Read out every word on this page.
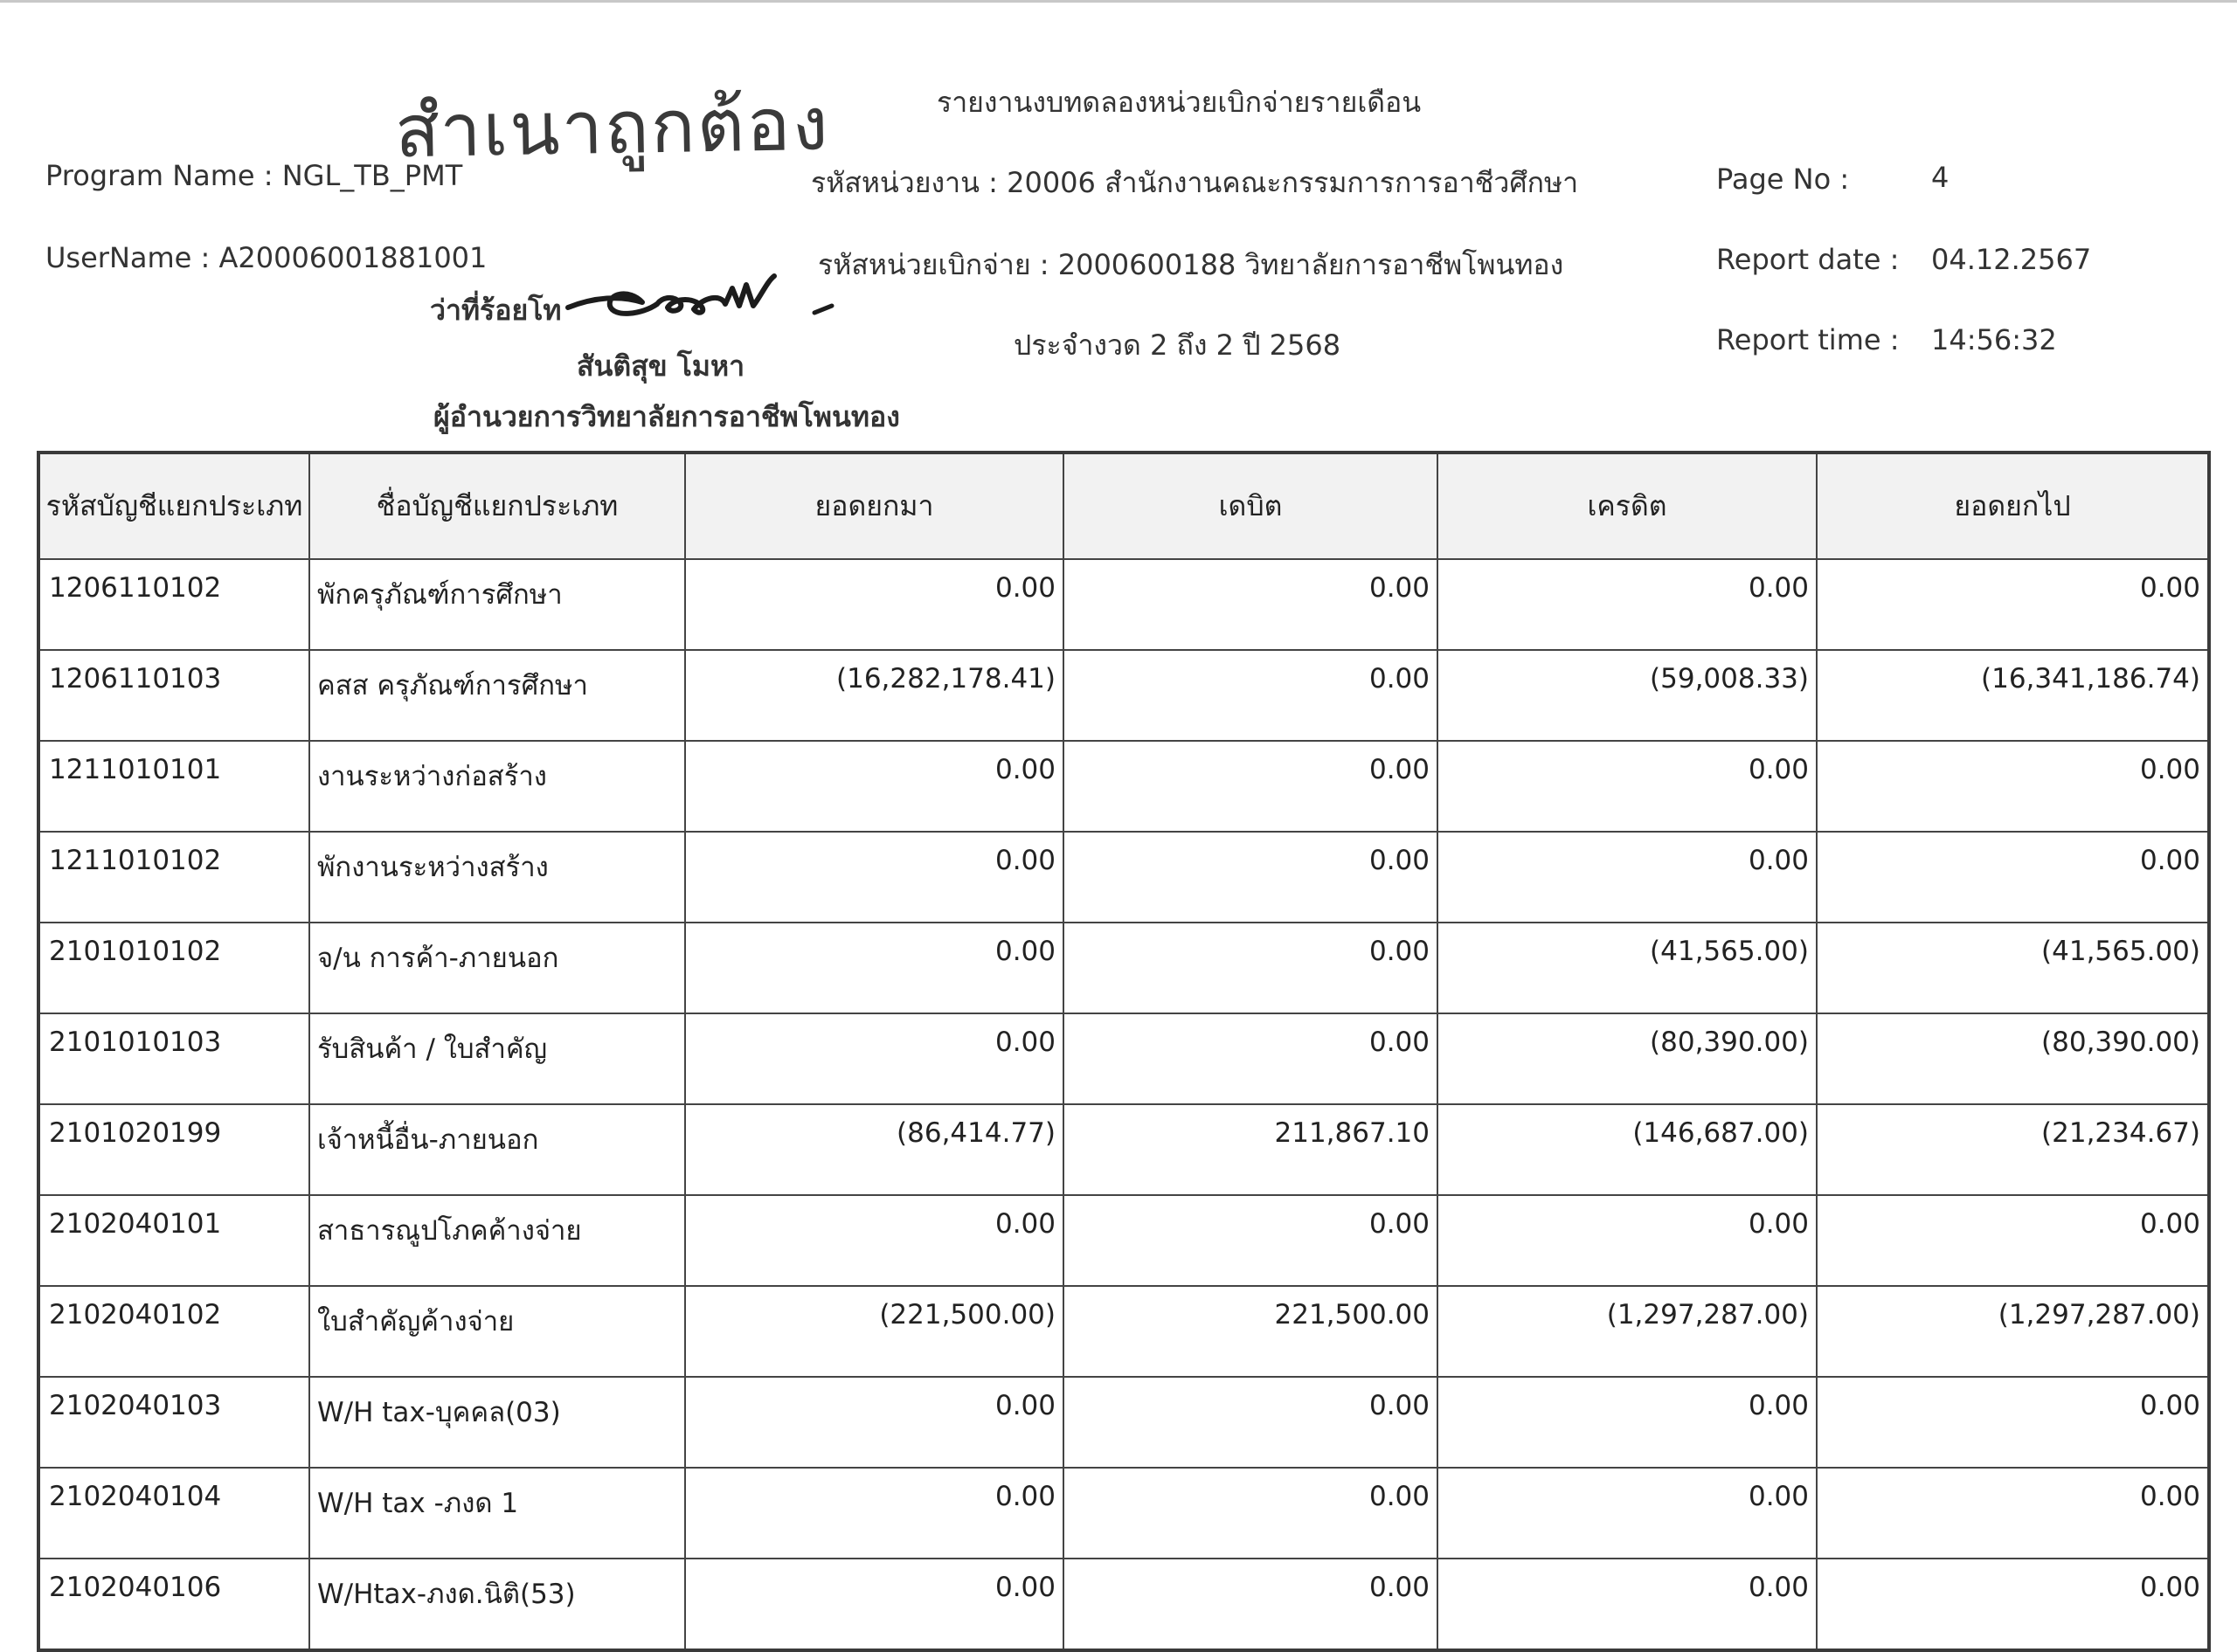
สำเนาถูกต้อง	รายงานงบทดลองหน่วยเบิกจ่ายรายเดือน
Program Name : NGL_TB_PMT
UserName : A20006001881001
รหัสหน่วยงาน : 20006 สำนักงานคณะกรรมการการอาชีวศึกษา
รหัสหน่วยเบิกจ่าย : 2000600188 วิทยาลัยการอาชีพโพนทอง
ประจำงวด 2 ถึง 2 ปี 2568
Page No :	4
Report date : 04.12.2567
Report time : 14:56:32
ว่าที่ร้อยโท
สันติสุข โมหา
ผู้อำนวยการวิทยาลัยการอาชีพโพนทอง
รหัสบัญชีแยกประเภท	ชื่อบัญชีแยกประเภท	ยอดยกมา	เดบิต	เครดิต	ยอดยกไป
1206110102	พักครุภัณฑ์การศึกษา	0.00	0.00	0.00	0.00
1206110103	คสส ครุภัณฑ์การศึกษา	(16,282,178.41)	0.00	(59,008.33)	(16,341,186.74)
1211010101	งานระหว่างก่อสร้าง	0.00	0.00	0.00	0.00
1211010102	พักงานระหว่างสร้าง	0.00	0.00	0.00	0.00
2101010102	จ/น การค้า-ภายนอก	0.00	0.00	(41,565.00)	(41,565.00)
2101010103	รับสินค้า / ใบสำคัญ	0.00	0.00	(80,390.00)	(80,390.00)
2101020199	เจ้าหนี้อื่น-ภายนอก	(86,414.77)	211,867.10	(146,687.00)	(21,234.67)
2102040101	สาธารณูปโภคค้างจ่าย	0.00	0.00	0.00	0.00
2102040102	ใบสำคัญค้างจ่าย	(221,500.00)	221,500.00	(1,297,287.00)	(1,297,287.00)
2102040103	W/H tax-บุคคล(03)	0.00	0.00	0.00	0.00
2102040104	W/H tax -ภงด 1	0.00	0.00	0.00	0.00
2102040106	W/Htax-ภงด.นิติ(53)	0.00	0.00	0.00	0.00
